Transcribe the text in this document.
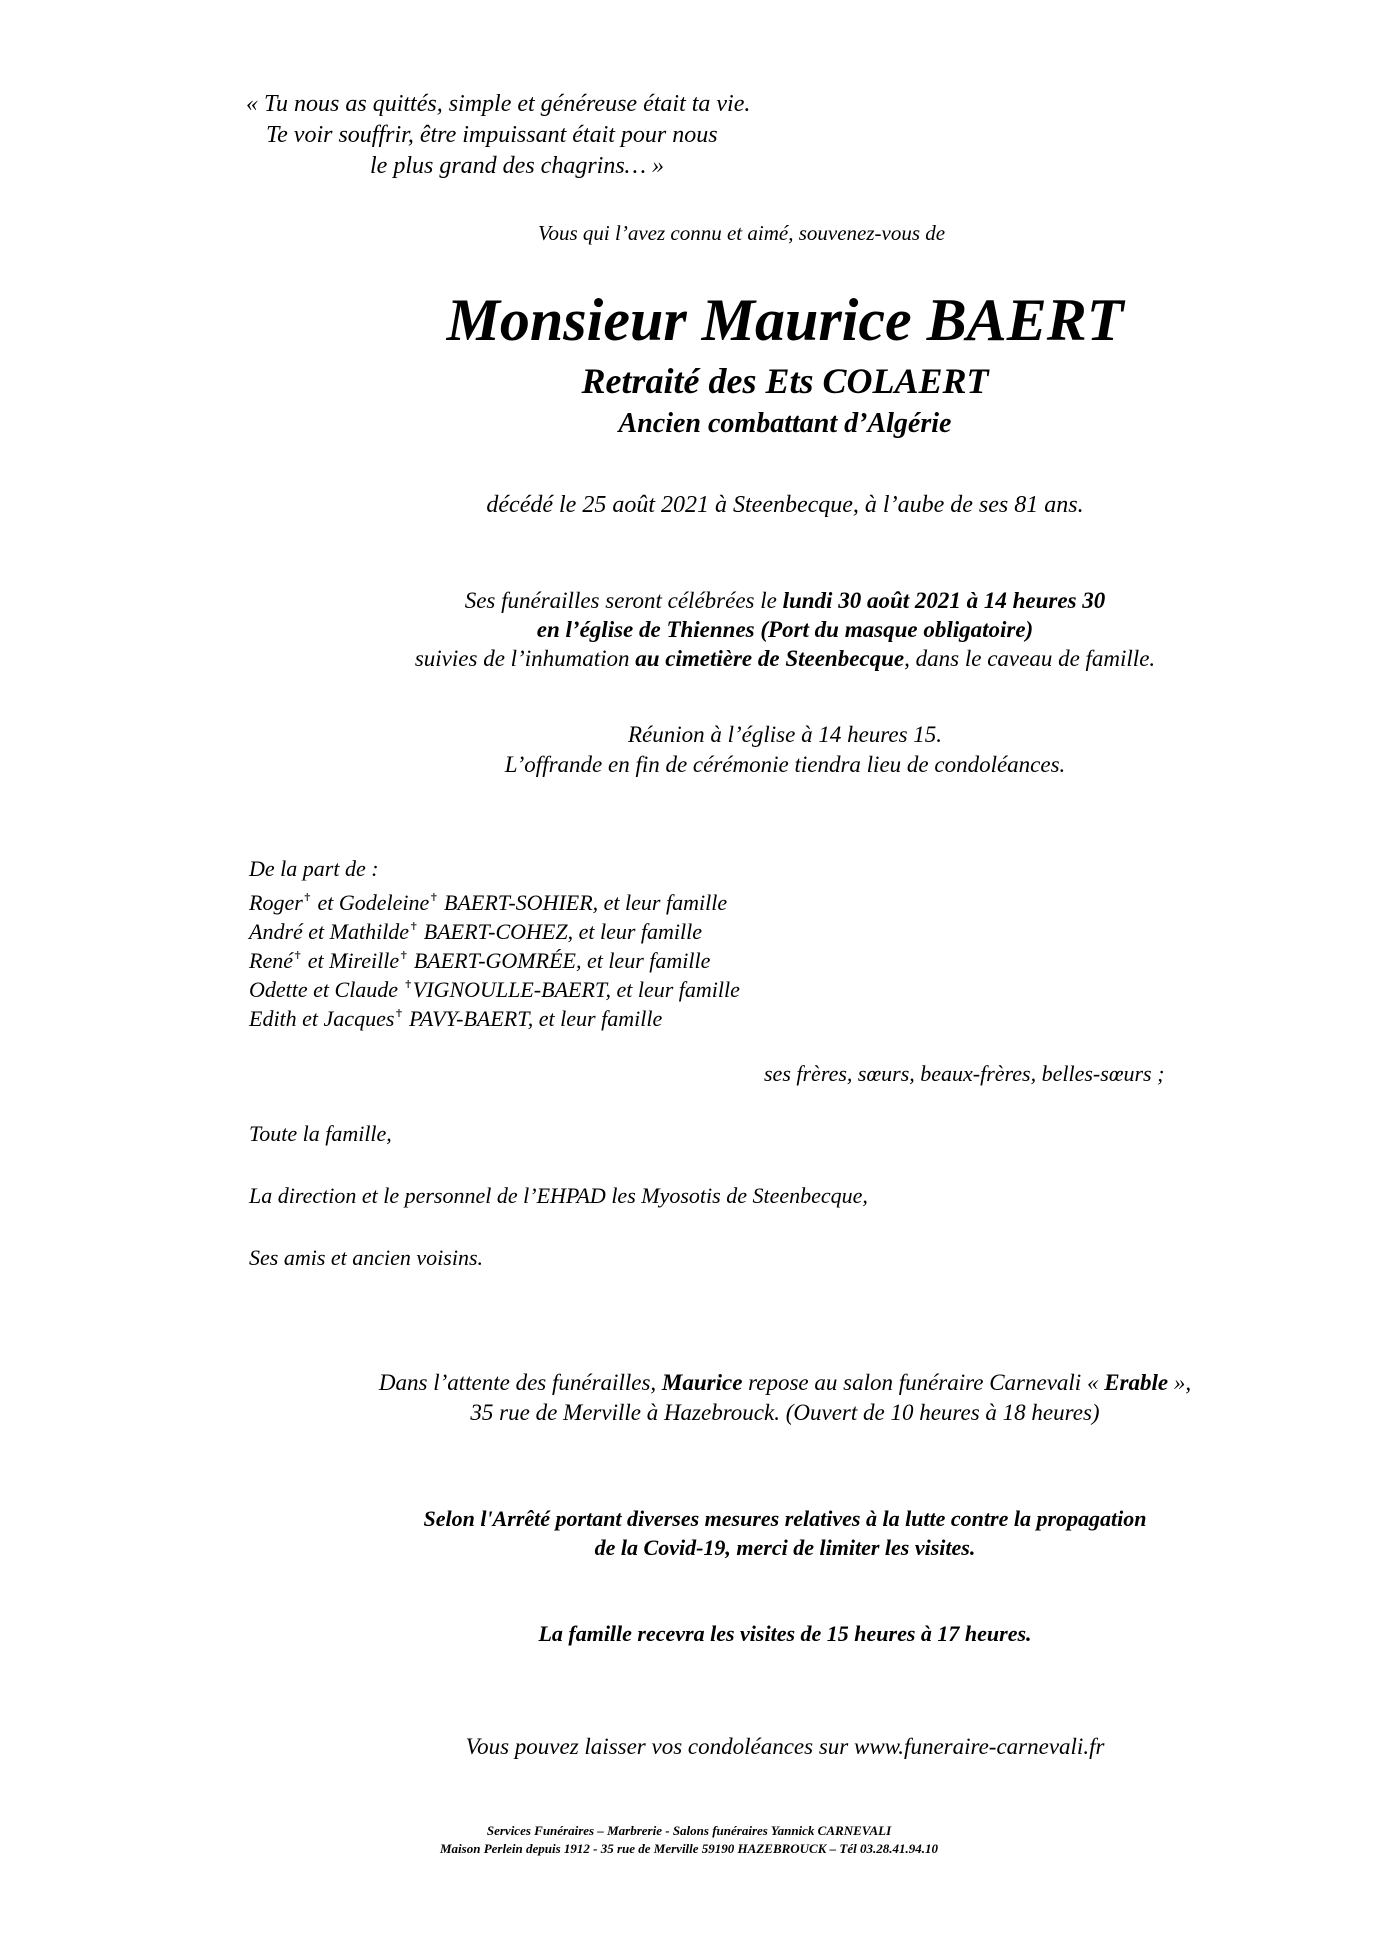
« Tu nous as quittés, simple et généreuse était ta vie.
Te voir souffrir, être impuissant était pour nous
le plus grand des chagrins… »
Vous qui l’avez connu et aimé, souvenez-vous de
Monsieur Maurice BAERT
Retraité des Ets COLAERT
Ancien combattant d’Algérie
décédé le 25 août 2021 à Steenbecque, à l’aube de ses 81 ans.
Ses funérailles seront célébrées le lundi 30 août 2021 à 14 heures 30
en l’église de Thiennes (Port du masque obligatoire)
suivies de l’inhumation au cimetière de Steenbecque, dans le caveau de famille.
Réunion à l’église à 14 heures 15.
L’offrande en fin de cérémonie tiendra lieu de condoléances.
De la part de :
Roger✝ et Godeleine✝ BAERT-SOHIER, et leur famille
André et Mathilde✝ BAERT-COHEZ, et leur famille
René✝ et Mireille✝ BAERT-GOMRÉE, et leur famille
Odette et Claude ✝VIGNOULLE-BAERT, et leur famille
Edith et Jacques✝ PAVY-BAERT, et leur famille
ses frères, sœurs, beaux-frères, belles-sœurs ;
Toute la famille,
La direction et le personnel de l’EHPAD les Myosotis de Steenbecque,
Ses amis et ancien voisins.
Dans l’attente des funérailles, Maurice repose au salon funéraire Carnevali « Erable »,
35 rue de Merville à Hazebrouck. (Ouvert de 10 heures à 18 heures)
Selon l'Arrêté portant diverses mesures relatives à la lutte contre la propagation
de la Covid-19, merci de limiter les visites.
La famille recevra les visites de 15 heures à 17 heures.
Vous pouvez laisser vos condoléances sur www.funeraire-carnevali.fr
Services Funéraires – Marbrerie - Salons funéraires Yannick CARNEVALI
Maison Perlein depuis 1912 - 35 rue de Merville 59190 HAZEBROUCK – Tél 03.28.41.94.10
